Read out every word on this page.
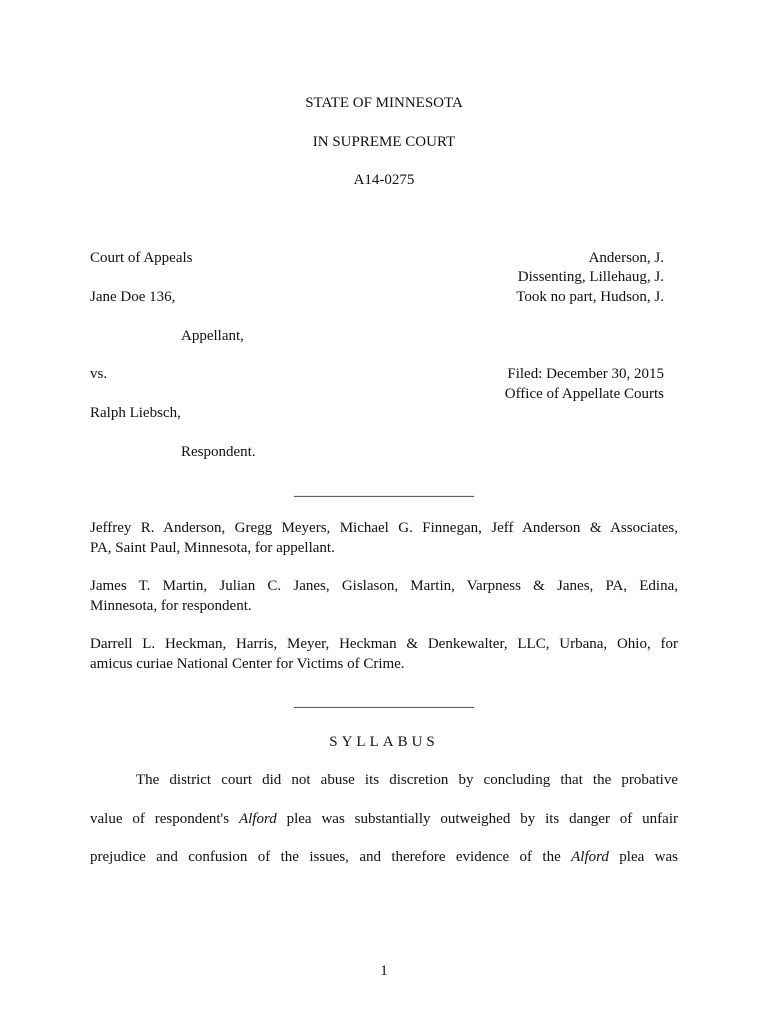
STATE OF MINNESOTA
IN SUPREME COURT
A14-0275
Court of Appeals
Jane Doe 136,
Appellant,
vs.
Ralph Liebsch,
Respondent.
Anderson, J.
Dissenting, Lillehaug, J.
Took no part, Hudson, J.
Filed: December 30, 2015
Office of Appellate Courts
________________________
Jeffrey R. Anderson, Gregg Meyers, Michael G. Finnegan, Jeff Anderson & Associates,
PA, Saint Paul, Minnesota, for appellant.
James T. Martin, Julian C. Janes, Gislason, Martin, Varpness & Janes, PA, Edina,
Minnesota, for respondent.
Darrell L. Heckman, Harris, Meyer, Heckman & Denkewalter, LLC, Urbana, Ohio, for
amicus curiae National Center for Victims of Crime.
________________________
SYLLABUS
The district court did not abuse its discretion by concluding that the probative
value of respondent's Alford plea was substantially outweighed by its danger of unfair
prejudice and confusion of the issues, and therefore evidence of the Alford plea was
1
